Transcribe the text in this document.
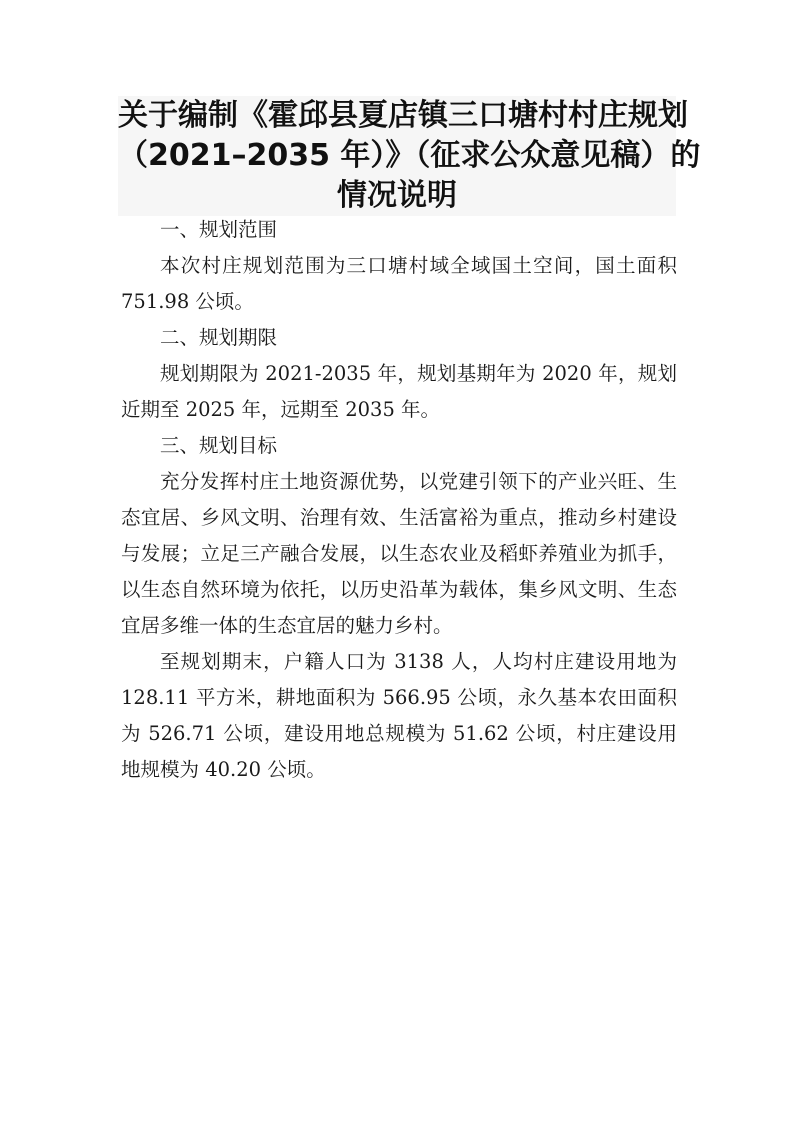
关于编制《霍邱县夏店镇三口塘村村庄规划
（2021–2035 年）》（征求公众意见稿）的
情况说明

一、规划范围

本次村庄规划范围为三口塘村域全域国土空间，国土面积 751.98 公顷。

二、规划期限

规划期限为 2021-2035 年，规划基期年为 2020 年，规划近期至 2025 年，远期至 2035 年。

三、规划目标

充分发挥村庄土地资源优势，以党建引领下的产业兴旺、生态宜居、乡风文明、治理有效、生活富裕为重点，推动乡村建设与发展；立足三产融合发展，以生态农业及稻虾养殖业为抓手，以生态自然环境为依托，以历史沿革为载体，集乡风文明、生态宜居多维一体的生态宜居的魅力乡村。

至规划期末，户籍人口为 3138 人，人均村庄建设用地为 128.11 平方米，耕地面积为 566.95 公顷，永久基本农田面积为 526.71 公顷，建设用地总规模为 51.62 公顷，村庄建设用地规模为 40.20 公顷。
